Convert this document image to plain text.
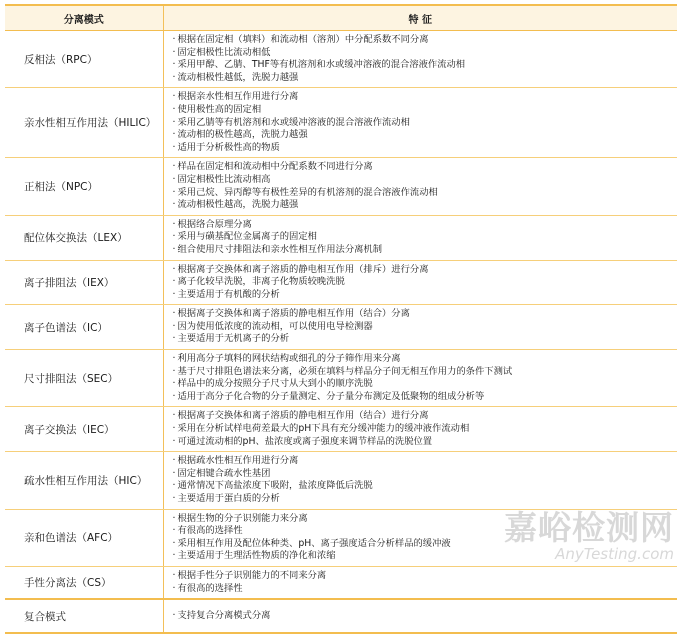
分离模式	特 征
反相法（RPC）	· 根据在固定相（填料）和流动相（溶剂）中分配系数不同分离
· 固定相极性比流动相低
· 采用甲醇、乙腈、THF等有机溶剂和水或缓冲溶液的混合溶液作流动相
· 流动相极性越低，洗脱力越强

亲水性相互作用法（HILIC）	· 根据亲水性相互作用进行分离
· 使用极性高的固定相
· 采用乙腈等有机溶剂和水或缓冲溶液的混合溶液作流动相
· 流动相的极性越高，洗脱力越强
· 适用于分析极性高的物质

正相法（NPC）	· 样品在固定相和流动相中分配系数不同进行分离
· 固定相极性比流动相高
· 采用己烷、异丙醇等有极性差异的有机溶剂的混合溶液作流动相
· 流动相极性越高，洗脱力越强

配位体交换法（LEX）	· 根据络合原理分离
· 采用与磺基配位金属离子的固定相
· 组合使用尺寸排阻法和亲水性相互作用法分离机制

离子排阻法（IEX）	· 根据离子交换体和离子溶质的静电相互作用（排斥）进行分离
· 离子化较早洗脱，非离子化物质较晚洗脱
· 主要适用于有机酸的分析

离子色谱法（IC）	· 根据离子交换体和离子溶质的静电相互作用（结合）分离
· 因为使用低浓度的流动相，可以使用电导检测器
· 主要适用于无机离子的分析

尺寸排阻法（SEC）	· 利用高分子填料的网状结构或细孔的分子筛作用来分离
· 基于尺寸排阻色谱法来分离，必须在填料与样品分子间无相互作用力的条件下测试
· 样品中的成分按照分子尺寸从大到小的顺序洗脱
· 适用于高分子化合物的分子量测定、分子量分布测定及低聚物的组成分析等

离子交换法（IEC）	· 根据离子交换体和离子溶质的静电相互作用（结合）进行分离
· 采用在分析试样电荷差最大的pH下具有充分缓冲能力的缓冲液作流动相
· 可通过流动相的pH、盐浓度或离子强度来调节样品的洗脱位置

疏水性相互作用法（HIC）	· 根据疏水性相互作用进行分离
· 固定相键合疏水性基团
· 通常情况下高盐浓度下吸附，盐浓度降低后洗脱
· 主要适用于蛋白质的分析

亲和色谱法（AFC）	· 根据生物的分子识别能力来分离
· 有很高的选择性
· 采用相互作用及配位体种类、pH、离子强度适合分析样品的缓冲液
· 主要适用于生理活性物质的净化和浓缩

手性分离法（CS）	· 根据手性分子识别能力的不同来分离
· 有很高的选择性

复合模式	· 支持复合分离模式分离
嘉峪检测网
AnyTesting.com
